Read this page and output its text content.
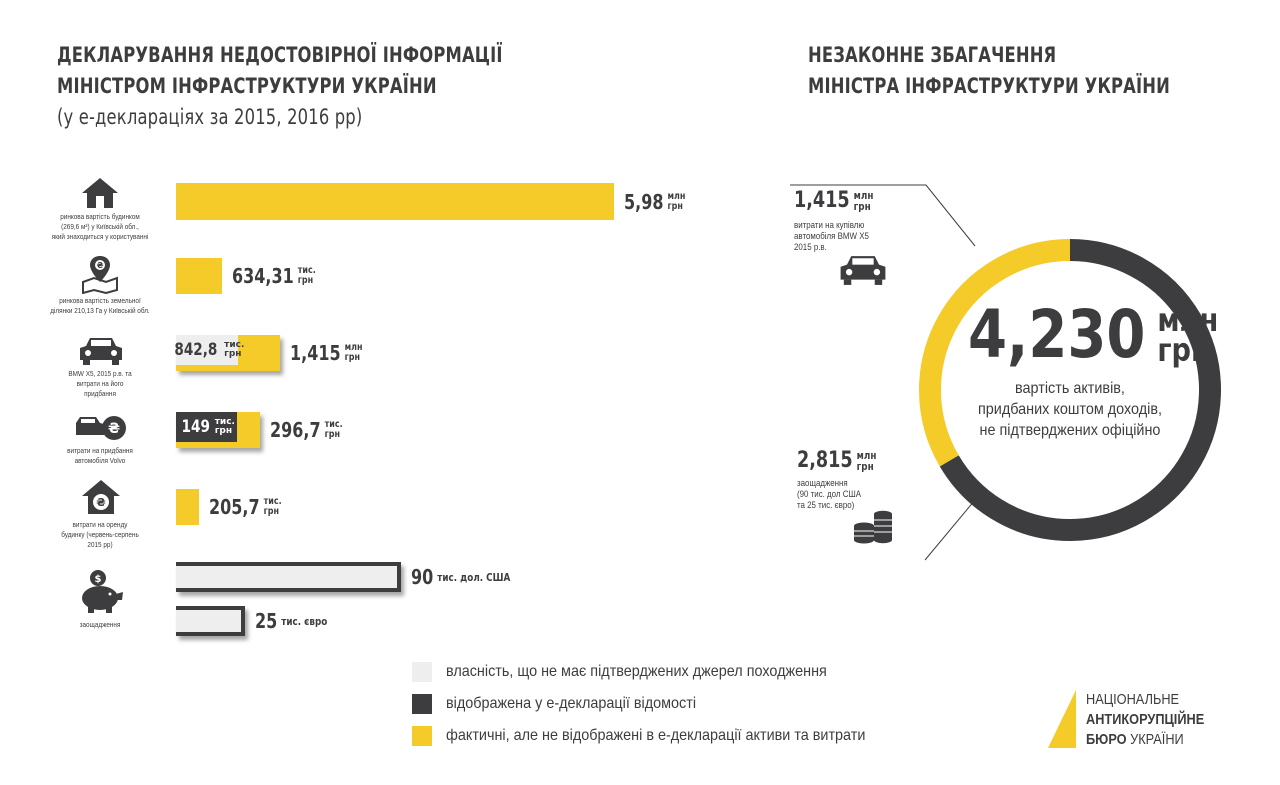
ДЕКЛАРУВАННЯ НЕДОСТОВІРНОЇ ІНФОРМАЦІЇ
МІНІСТРОМ ІНФРАСТРУКТУРИ УКРАЇНИ
(у е-декларацiях за 2015, 2016 рр)
НЕЗАКОННЕ ЗБАГАЧЕННЯ
МІНІСТРА ІНФРАСТРУКТУРИ УКРАЇНИ
ринкова вартість будинком
(269,6 м²) у Київській обл.,
який знаходиться у користуванні
₴
ринкова вартість земельної
ділянки 210,13 Га у Київській обл.
BMW X5, 2015 р.в. та
витрати на його
придбання
₴
витрати на придбання
автомобіля Volvo
₴
витрати на оренду
будинку (червень-серпень
2015 рр)
$
заощадження
5,98 млн
грн
634,31 тис.
грн
205,7 тис.
грн
842,8 тис.
грн 1,415 млн
грн
149 тис.
грн 296,7 тис.
грн
90 тис. дол. США
25 тис. євро
власність, що не має підтверджених джерел походження
відображена у е-декларації відомості
фактичні, але не відображені в е-декларації активи та витрати
4,230 млн
грн
вартість активів,
придбаних коштом доходів,
не підтверджених офіційно
1,415 млн
грн
витрати на купівлю
автомобіля BMW X5
2015 р.в.
2,815 млн
грн
заощадження
(90 тис. дол США
та 25 тис. євро)
НАЦІОНАЛЬНЕ
АНТИКОРУПЦІЙНЕ
БЮРО УКРАЇНИ
